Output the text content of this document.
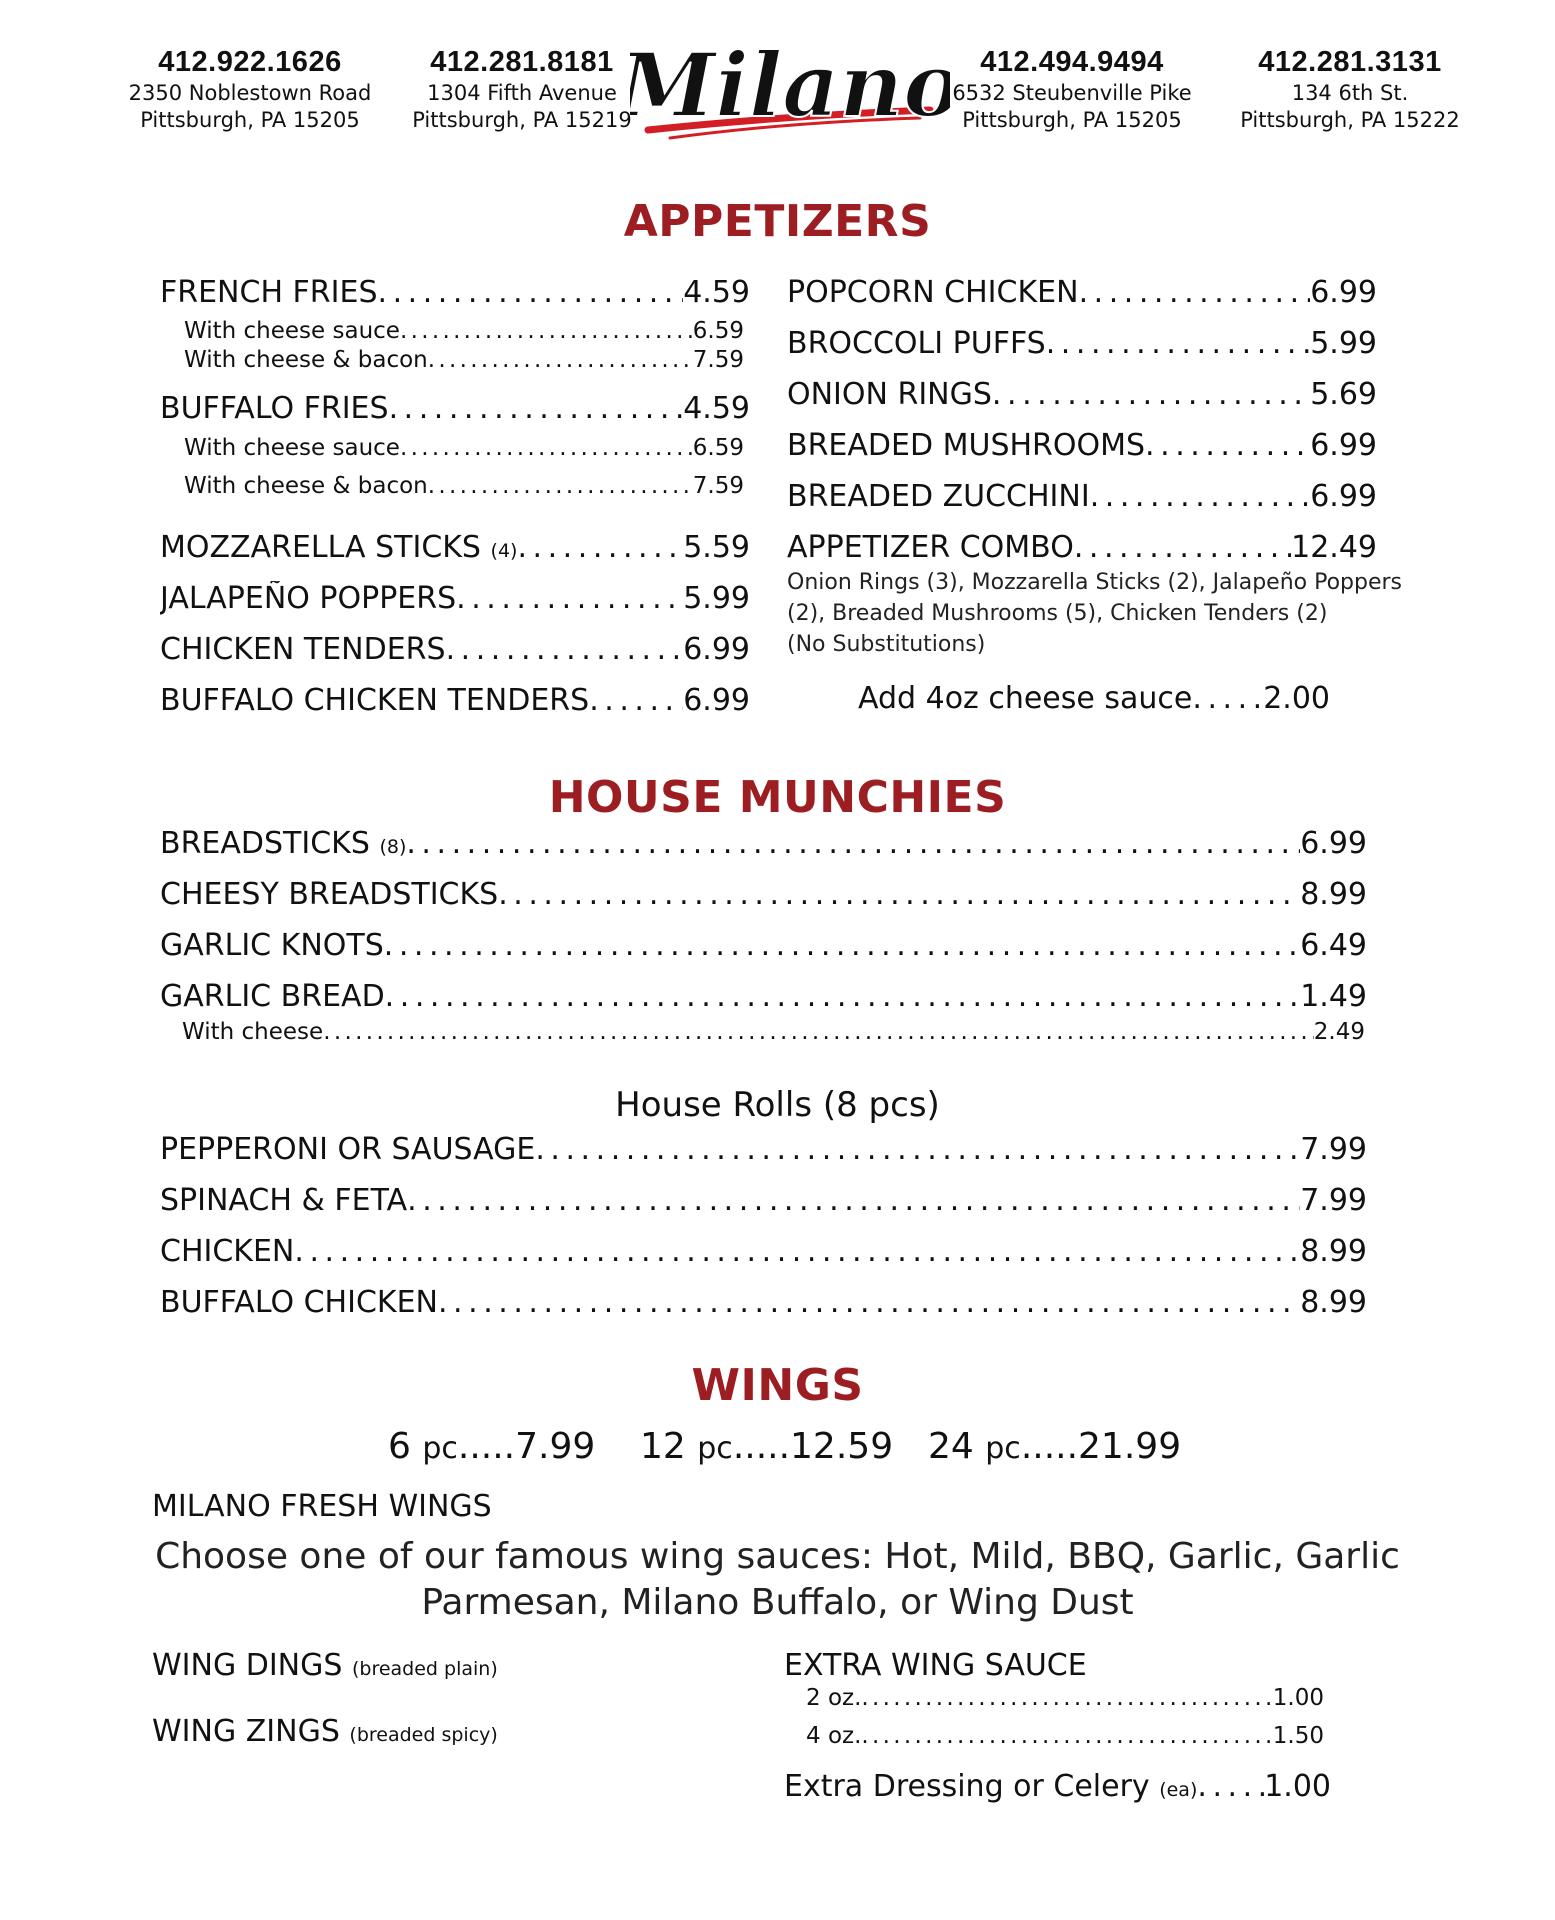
412.922.1626
2350 Noblestown Road
Pittsburgh, PA 15205
412.281.8181
1304 Fifth Avenue
Pittsburgh, PA 15219
Milano 412.494.9494
6532 Steubenville Pike
Pittsburgh, PA 15205
412.281.3131
134 6th St.
Pittsburgh, PA 15222
APPETIZERS
FRENCH FRIES . . .	4.59
With cheese sauce . . .	6.59
With cheese & bacon . . .	7.59
BUFFALO FRIES . . .	4.59
With cheese sauce . . .	6.59
With cheese & bacon . . .	7.59
MOZZARELLA STICKS (4) . . .	5.59
JALAPEÑO POPPERS . . .	5.99
CHICKEN TENDERS . . .	6.99
BUFFALO CHICKEN TENDERS . . .	6.99
POPCORN CHICKEN . . .	6.99
BROCCOLI PUFFS . . .	5.99
ONION RINGS . . .	5.69
BREADED MUSHROOMS . . .	6.99
BREADED ZUCCHINI . . .	6.99
APPETIZER COMBO . . .	12.49
Onion Rings (3), Mozzarella Sticks (2), Jalapeño Poppers
(2), Breaded Mushrooms (5), Chicken Tenders (2)
(No Substitutions)
Add 4oz cheese sauce . . . 2.00
HOUSE MUNCHIES
BREADSTICKS (8) . . .	6.99
CHEESY BREADSTICKS . . .	8.99
GARLIC KNOTS . . .	6.49
GARLIC BREAD . . .	1.49
With cheese . . .	2.49
House Rolls (8 pcs)
PEPPERONI OR SAUSAGE . . .	7.99
SPINACH & FETA . . .	7.99
CHICKEN . . .	8.99
BUFFALO CHICKEN . . .	8.99
WINGS
6 pc.....7.99 12 pc.....12.59 24 pc.....21.99
MILANO FRESH WINGS
Choose one of our famous wing sauces: Hot, Mild, BBQ, Garlic, Garlic
Parmesan, Milano Buffalo, or Wing Dust
WING DINGS (breaded plain)
WING ZINGS (breaded spicy)
EXTRA WING SAUCE
2 oz. . . .	1.00
4 oz. . . .	1.50
Extra Dressing or Celery (ea) . . . 1.00
